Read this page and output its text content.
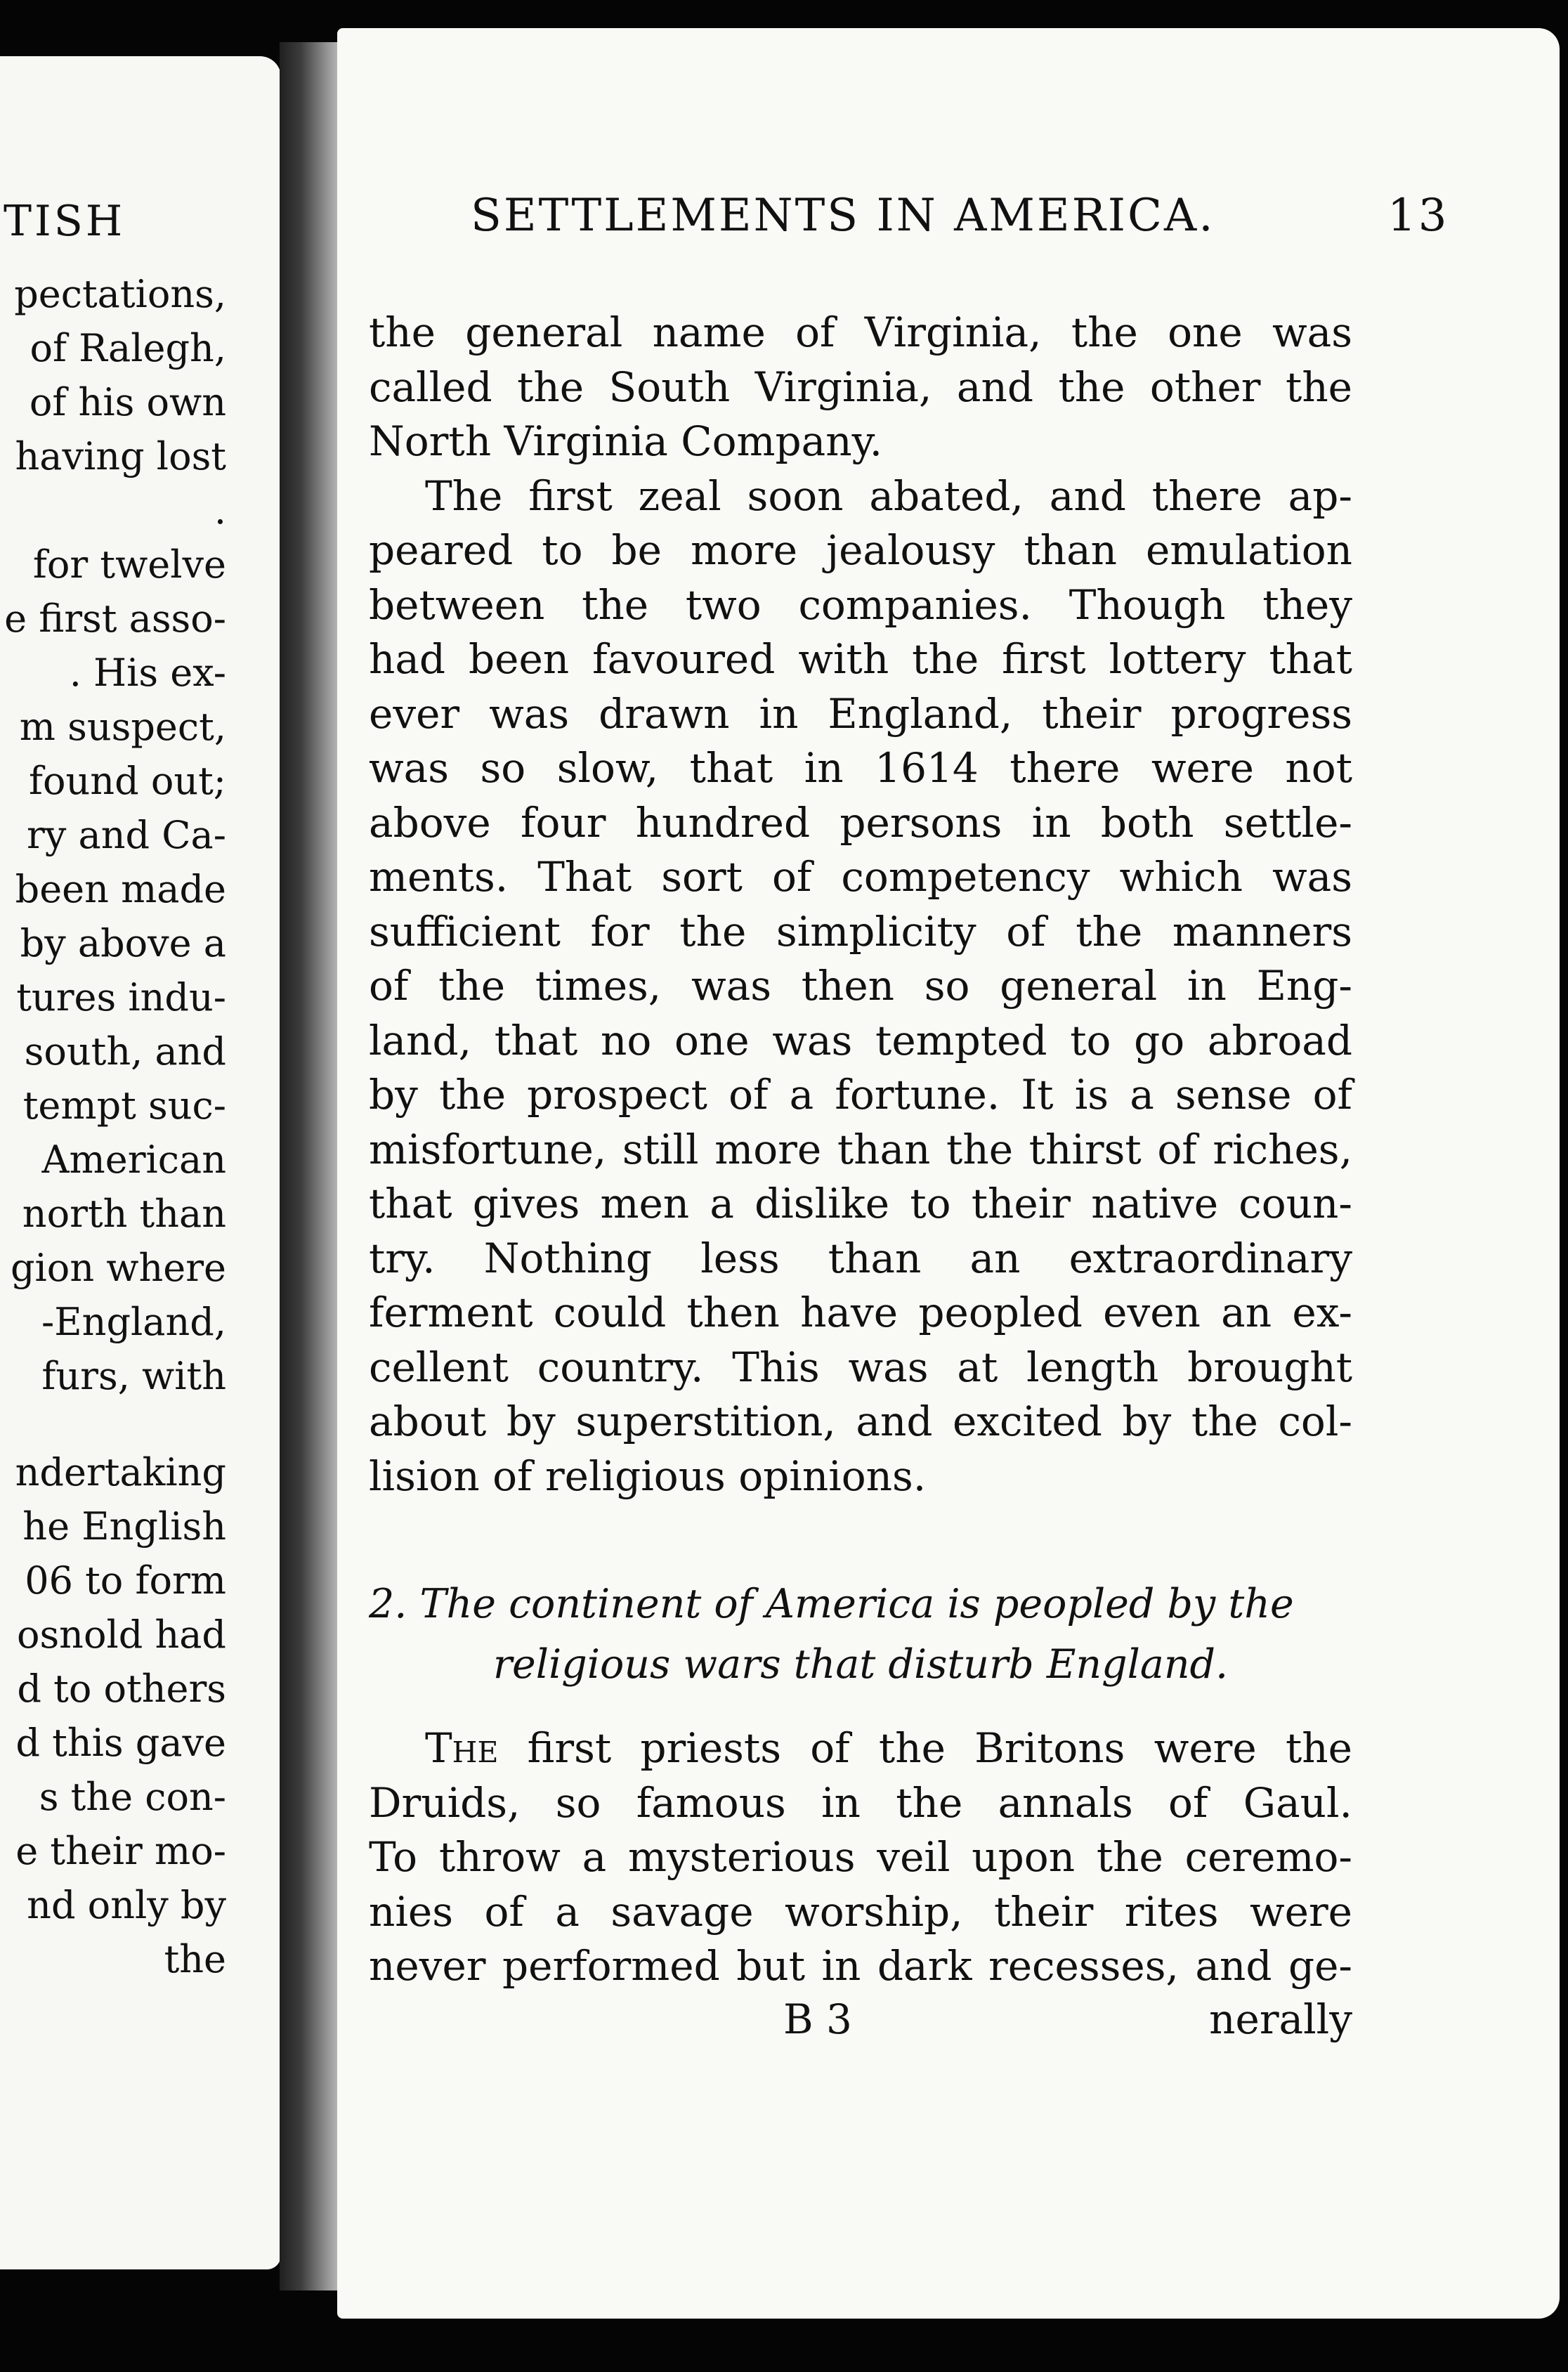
TISH
pectations,
of Ralegh,
of his own
having lost
.
for twelve
e first asso-
. His ex-
m suspect,
found out;
ry and Ca-
been made
by above a
tures indu-
south, and
tempt suc-
American
north than
gion where
-England,
furs, with
ndertaking
he English
06 to form
osnold had
d to others
d this gave
s the con-
e their mo-
nd only by
the
SETTLEMENTS IN AMERICA.	13
the general name of Virginia, the one was
called the South Virginia, and the other the
North Virginia Company.
The first zeal soon abated, and there ap-
peared to be more jealousy than emulation
between the two companies. Though they
had been favoured with the first lottery that
ever was drawn in England, their progress
was so slow, that in 1614 there were not
above four hundred persons in both settle-
ments. That sort of competency which was
sufficient for the simplicity of the manners
of the times, was then so general in Eng-
land, that no one was tempted to go abroad
by the prospect of a fortune. It is a sense of
misfortune, still more than the thirst of riches,
that gives men a dislike to their native coun-
try. Nothing less than an extraordinary
ferment could then have peopled even an ex-
cellent country. This was at length brought
about by superstition, and excited by the col-
lision of religious opinions.
2. The continent of America is peopled by the
religious wars that disturb England.
The first priests of the Britons were the
Druids, so famous in the annals of Gaul.
To throw a mysterious veil upon the ceremo-
nies of a savage worship, their rites were
never performed but in dark recesses, and ge-
B 3	nerally
